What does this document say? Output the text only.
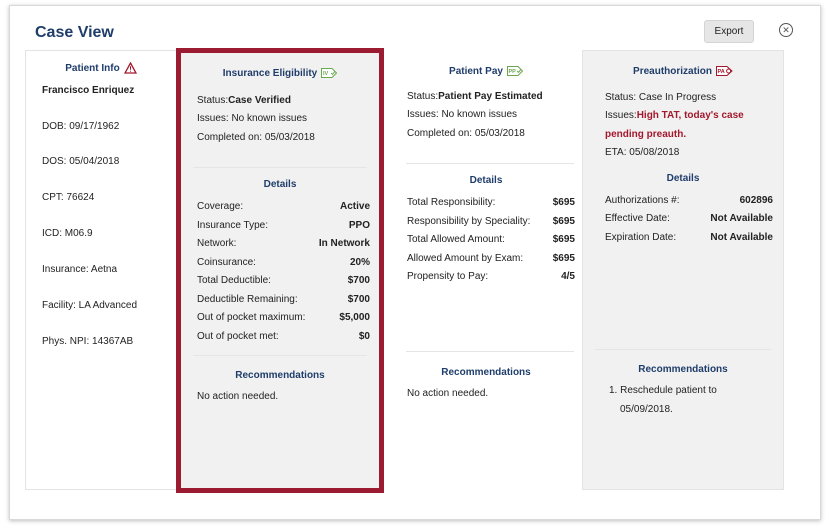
Case View	Export	✕
Patient Info
Francisco Enriquez
DOB: 09/17/1962
DOS: 05/04/2018
CPT: 76624
ICD: M06.9
Insurance: Aetna
Facility: LA Advanced
Phys. NPI: 14367AB
Insurance Eligibility IV
Status: Case Verified
Issues: No known issues
Completed on: 05/03/2018
Details
Coverage:	Active
Insurance Type:	PPO
Network:	In Network
Coinsurance:	20%
Total Deductible:	$700
Deductible Remaining:	$700
Out of pocket maximum:	$5,000
Out of pocket met:	$0
Recommendations
No action needed.
Patient Pay PP
Status: Patient Pay Estimated
Issues: No known issues
Completed on: 05/03/2018
Details
Total Responsibility:	$695
Responsibility by Speciality: $695
Total Allowed Amount:	$695
Allowed Amount by Exam:	$695
Propensity to Pay:	4/5
Recommendations
No action needed.
Preauthorization PA
Status: Case In Progress
Issues: High TAT, today's case
pending preauth.
ETA: 05/08/2018
Details
Authorizations #:	602896
Effective Date:	Not Available
Expiration Date:	Not Available
Recommendations
1. Reschedule patient to
05/09/2018.
